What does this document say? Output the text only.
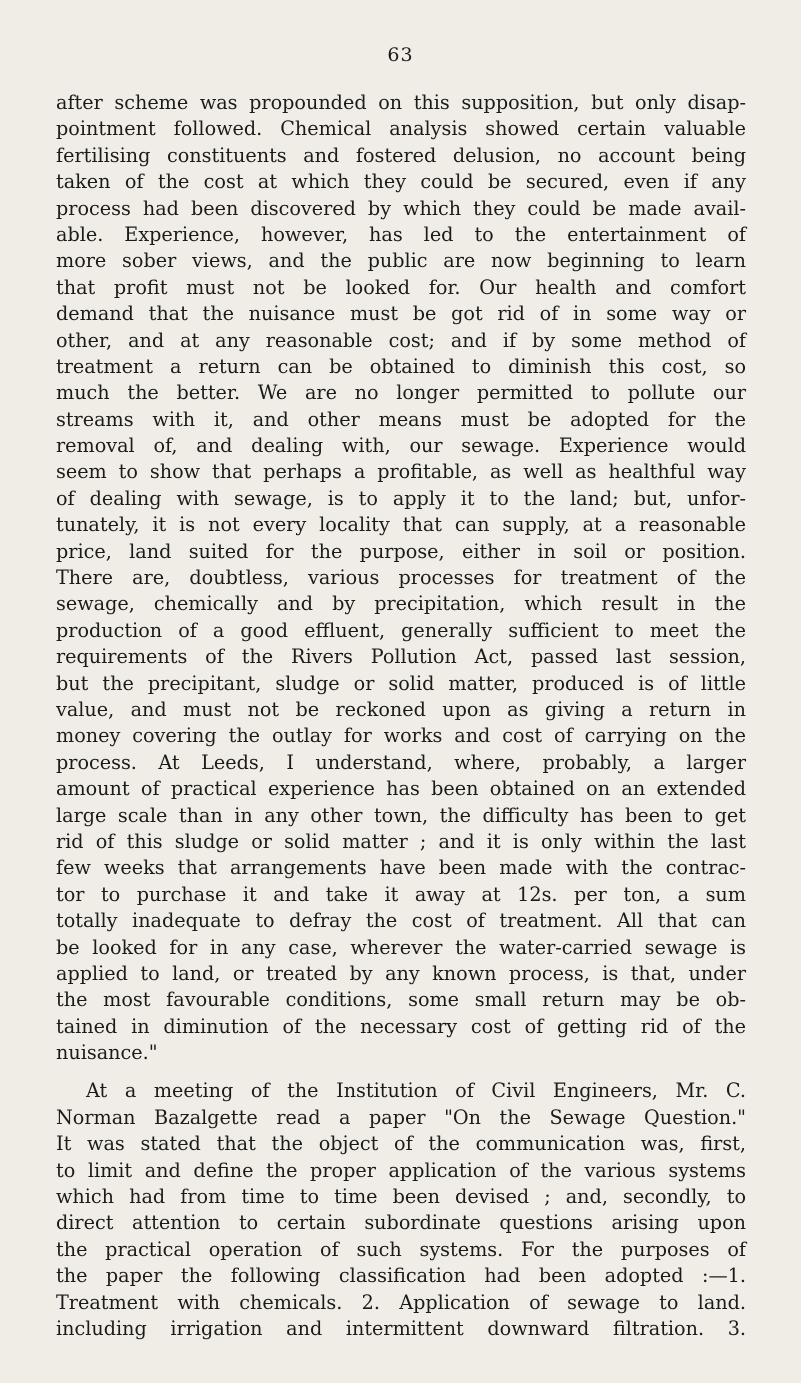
63
after scheme was propounded on this supposition, but only disap-
pointment followed. Chemical analysis showed certain valuable
fertilising constituents and fostered delusion, no account being
taken of the cost at which they could be secured, even if any
process had been discovered by which they could be made avail-
able. Experience, however, has led to the entertainment of
more sober views, and the public are now beginning to learn
that profit must not be looked for. Our health and comfort
demand that the nuisance must be got rid of in some way or
other, and at any reasonable cost; and if by some method of
treatment a return can be obtained to diminish this cost, so
much the better. We are no longer permitted to pollute our
streams with it, and other means must be adopted for the
removal of, and dealing with, our sewage. Experience would
seem to show that perhaps a profitable, as well as healthful way
of dealing with sewage, is to apply it to the land; but, unfor-
tunately, it is not every locality that can supply, at a reasonable
price, land suited for the purpose, either in soil or position.
There are, doubtless, various processes for treatment of the
sewage, chemically and by precipitation, which result in the
production of a good effluent, generally sufficient to meet the
requirements of the Rivers Pollution Act, passed last session,
but the precipitant, sludge or solid matter, produced is of little
value, and must not be reckoned upon as giving a return in
money covering the outlay for works and cost of carrying on the
process. At Leeds, I understand, where, probably, a larger
amount of practical experience has been obtained on an extended
large scale than in any other town, the difficulty has been to get
rid of this sludge or solid matter ; and it is only within the last
few weeks that arrangements have been made with the contrac-
tor to purchase it and take it away at 12s. per ton, a sum
totally inadequate to defray the cost of treatment. All that can
be looked for in any case, wherever the water-carried sewage is
applied to land, or treated by any known process, is that, under
the most favourable conditions, some small return may be ob-
tained in diminution of the necessary cost of getting rid of the
nuisance."
At a meeting of the Institution of Civil Engineers, Mr. C.
Norman Bazalgette read a paper "On the Sewage Question."
It was stated that the object of the communication was, first,
to limit and define the proper application of the various systems
which had from time to time been devised ; and, secondly, to
direct attention to certain subordinate questions arising upon
the practical operation of such systems. For the purposes of
the paper the following classification had been adopted :—1.
Treatment with chemicals. 2. Application of sewage to land.
including irrigation and intermittent downward filtration. 3.
